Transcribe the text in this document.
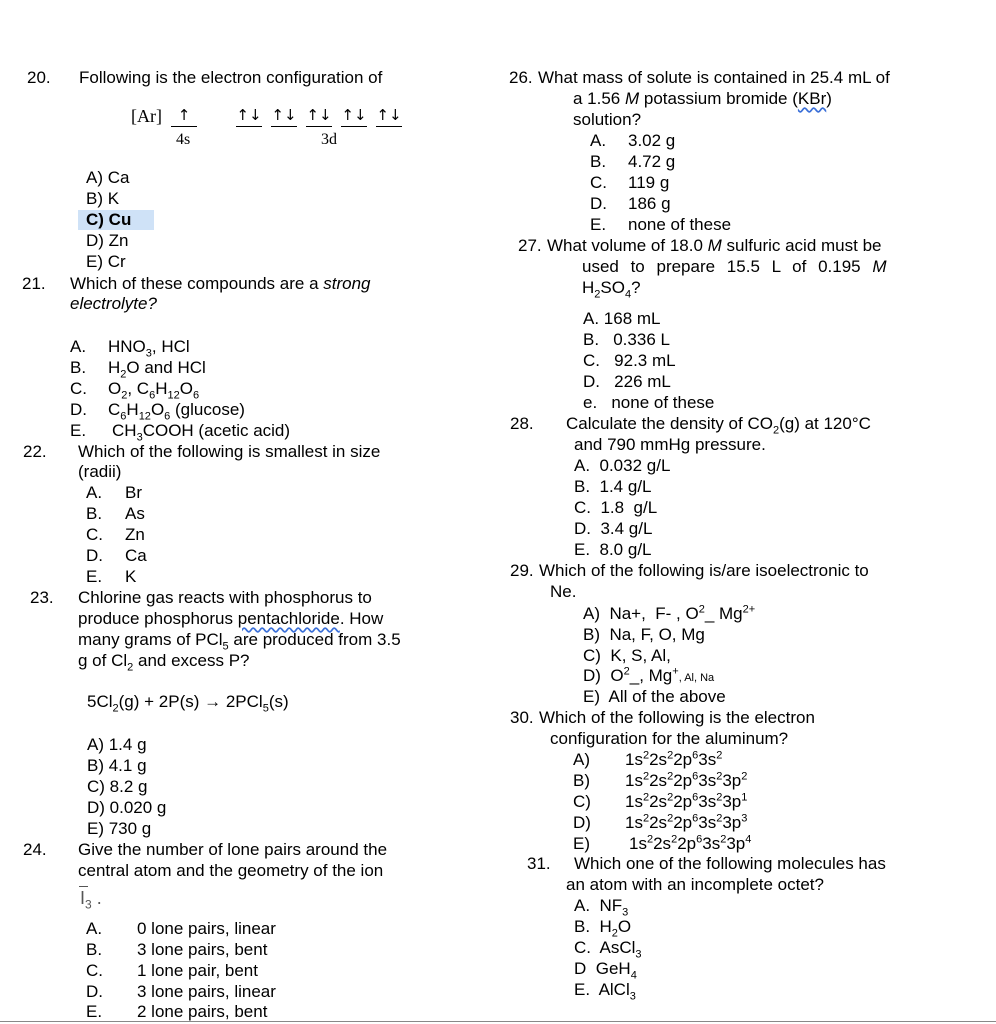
20. Following is the electron configuration of
[Ar]	↑	↑↓ ↑↓ ↑↓ ↑↓ ↑↓
4s	3d
A) Ca
B) K
C) Cu
D) Zn
E) Cr
21. Which of these compounds are a strong
electrolyte?
A. $HNO_3$, HCl
B. $H_2O$ and HCl
C. $O_2$, $C_6H_{12}O_6$
D. $C_6H_{12}O_6$ (glucose)
E. $CH_3COOH$ (acetic acid)
22. Which of the following is smallest in size
(radii)
A. Br
B. As
C. Zn
D. Ca
E. K
23. Chlorine gas reacts with phosphorus to
produce phosphorus pentachloride. How
many grams of PCl$_5$ are produced from 3.5
g of $Cl_2$ and excess P?
$5Cl_2(g) + 2P(s) \to 2PCl_5(s)$
A) 1.4 g
B) 4.1 g
C) 8.2 g
D) 0.020 g
E) 730 g
24. Give the number of lone pairs around the
central atom and the geometry of the ion
$I_3$
.
A. 0 lone pairs, linear
B. 3 lone pairs, bent
C. 1 lone pair, bent
D. 3 lone pairs, linear
E. 2 lone pairs, bent
26. What mass of solute is contained in 25.4 mL of
a 1.56 M potassium bromide (KBr)
solution?
A. 3.02 g
B. 4.72 g
C. 119 g
D. 186 g
E. none of these
27. What volume of 18.0 M sulfuric acid must be
used to prepare 15.5 L of 0.195 M
$H_2SO_4$?
A. 168 mL
B.   0.336 L
C.   92.3 mL
D.   226 mL
e.   none of these
28. Calculate the density of $CO_2(g)$ at 120°C
and 790 mmHg pressure.
A.  0.032 g/L
B.  1.4 g/L
C.  1.8  g/L
D.  3.4 g/L
E.  8.0 g/L
29. Which of the following is/are isoelectronic to
Ne.
A)  Na+,  F- , $O^2\_$ $Mg^{2+}$
B)  Na, F, O, Mg
C)  K, S, Al,
D)  $O^2\_$, Mg+, Al, Na
E)  All of the above
30. Which of the following is the electron
configuration for the aluminum?
A) $1s^22s^22p^63s^2$
B) $1s^22s^22p^63s^23p^2$
C) $1s^22s^22p^63s^23p^1$
D) $1s^22s^22p^63s^23p^3$
E) $1s^22s^22p^63s^23p^4$
31. Which one of the following molecules has
an atom with an incomplete octet?
A.  $NF_3$
B.  $H_2O$
C.  AsCl$_3$
D  GeH$_4$
E.  AlCl$_3$
